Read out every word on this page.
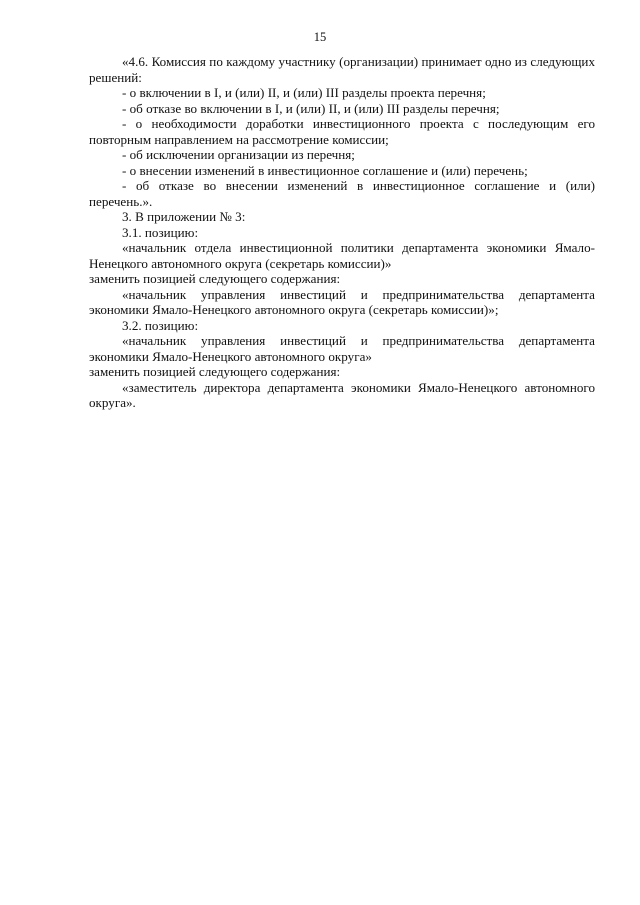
15

«4.6. Комиссия по каждому участнику (организации) принимает одно из следующих решений:

- о включении в I, и (или) II, и (или) III разделы проекта перечня;

- об отказе во включении в I, и (или) II, и (или) III разделы перечня;

- о необходимости доработки инвестиционного проекта с последующим его повторным направлением на рассмотрение комиссии;

- об исключении организации из перечня;

- о внесении изменений в инвестиционное соглашение и (или) перечень;

- об отказе во внесении изменений в инвестиционное соглашение и (или) перечень.».

3. В приложении № 3:

3.1. позицию:

«начальник отдела инвестиционной политики департамента экономики Ямало-Ненецкого автономного округа (секретарь комиссии)»

заменить позицией следующего содержания:

«начальник управления инвестиций и предпринимательства департамента экономики Ямало-Ненецкого автономного округа (секретарь комиссии)»;

3.2. позицию:

«начальник управления инвестиций и предпринимательства департамента экономики Ямало-Ненецкого автономного округа»

заменить позицией следующего содержания:

«заместитель директора департамента экономики Ямало-Ненецкого автономного округа».
